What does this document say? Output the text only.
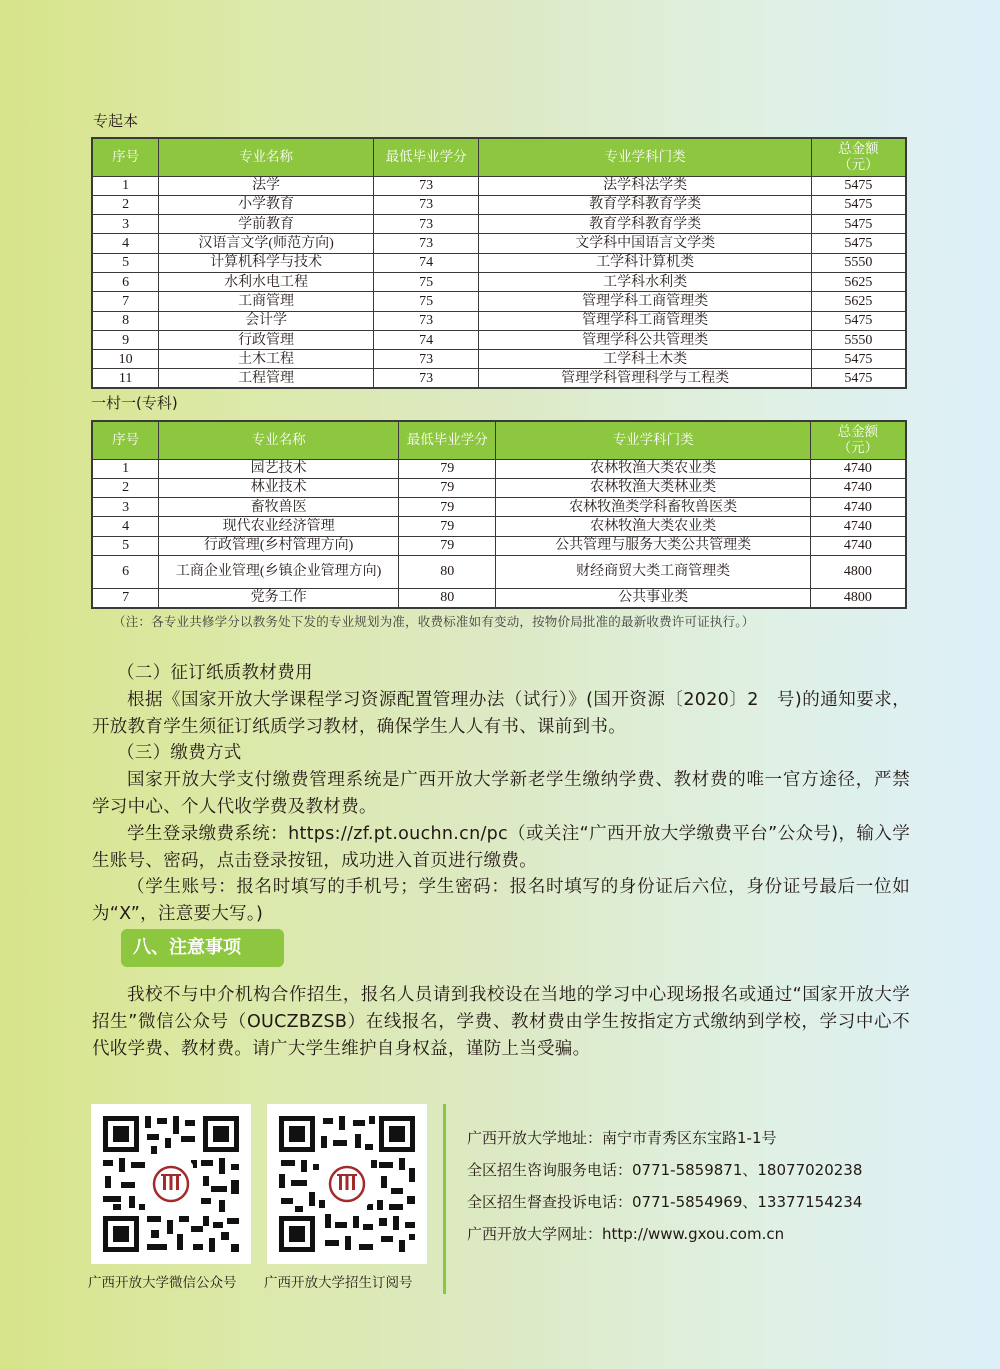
专起本
序号	专业名称	最低毕业学分	专业学科门类	总金额
（元）

1	法学	73	法学科法学类	5475
2	小学教育	73	教育学科教育学类	5475
3	学前教育	73	教育学科教育学类	5475
4	汉语言文学(师范方向)	73	文学科中国语言文学类	5475
5	计算机科学与技术	74	工学科计算机类	5550
6	水利水电工程	75	工学科水利类	5625
7	工商管理	75	管理学科工商管理类	5625
8	会计学	73	管理学科工商管理类	5475
9	行政管理	74	管理学科公共管理类	5550
10	土木工程	73	工学科土木类	5475
11	工程管理	73	管理学科管理科学与工程类	5475
一村一(专科)
序号	专业名称	最低毕业学分	专业学科门类	总金额
（元）

1	园艺技术	79	农林牧渔大类农业类	4740
2	林业技术	79	农林牧渔大类林业类	4740
3	畜牧兽医	79	农林牧渔类学科畜牧兽医类	4740
4	现代农业经济管理	79	农林牧渔大类农业类	4740
5	行政管理(乡村管理方向)	79	公共管理与服务大类公共管理类	4740
6	工商企业管理(乡镇企业管理方向)	80	财经商贸大类工商管理类	4800
7	党务工作	80	公共事业类	4800
（注：各专业共修学分以教务处下发的专业规划为准，收费标准如有变动，按物价局批准的最新收费许可证执行。）

（二）征订纸质教材费用

根据《国家开放大学课程学习资源配置管理办法（试行）》(国开资源〔2020〕2　号)的通知要求，开放教育学生须征订纸质学习教材，确保学生人人有书、课前到书。

（三）缴费方式

国家开放大学支付缴费管理系统是广西开放大学新老学生缴纳学费、教材费的唯一官方途径，严禁学习中心、个人代收学费及教材费。

学生登录缴费系统：https://zf.pt.ouchn.cn/pc（或关注“广西开放大学缴费平台”公众号)，输入学生账号、密码，点击登录按钮，成功进入首页进行缴费。

（学生账号：报名时填写的手机号；学生密码：报名时填写的身份证后六位，身份证号最后一位如为“X”，注意要大写。)

八、注意事项

我校不与中介机构合作招生，报名人员请到我校设在当地的学习中心现场报名或通过“国家开放大学招生”微信公众号（OUCZBZSB）在线报名，学费、教材费由学生按指定方式缴纳到学校，学习中心不代收学费、教材费。请广大学生维护自身权益，谨防上当受骗。

广西开放大学微信公众号 广西开放大学招生订阅号
广西开放大学地址：南宁市青秀区东宝路1-1号
全区招生咨询服务电话：0771-5859871、18077020238
全区招生督查投诉电话：0771-5854969、13377154234
广西开放大学网址：http://www.gxou.com.cn
